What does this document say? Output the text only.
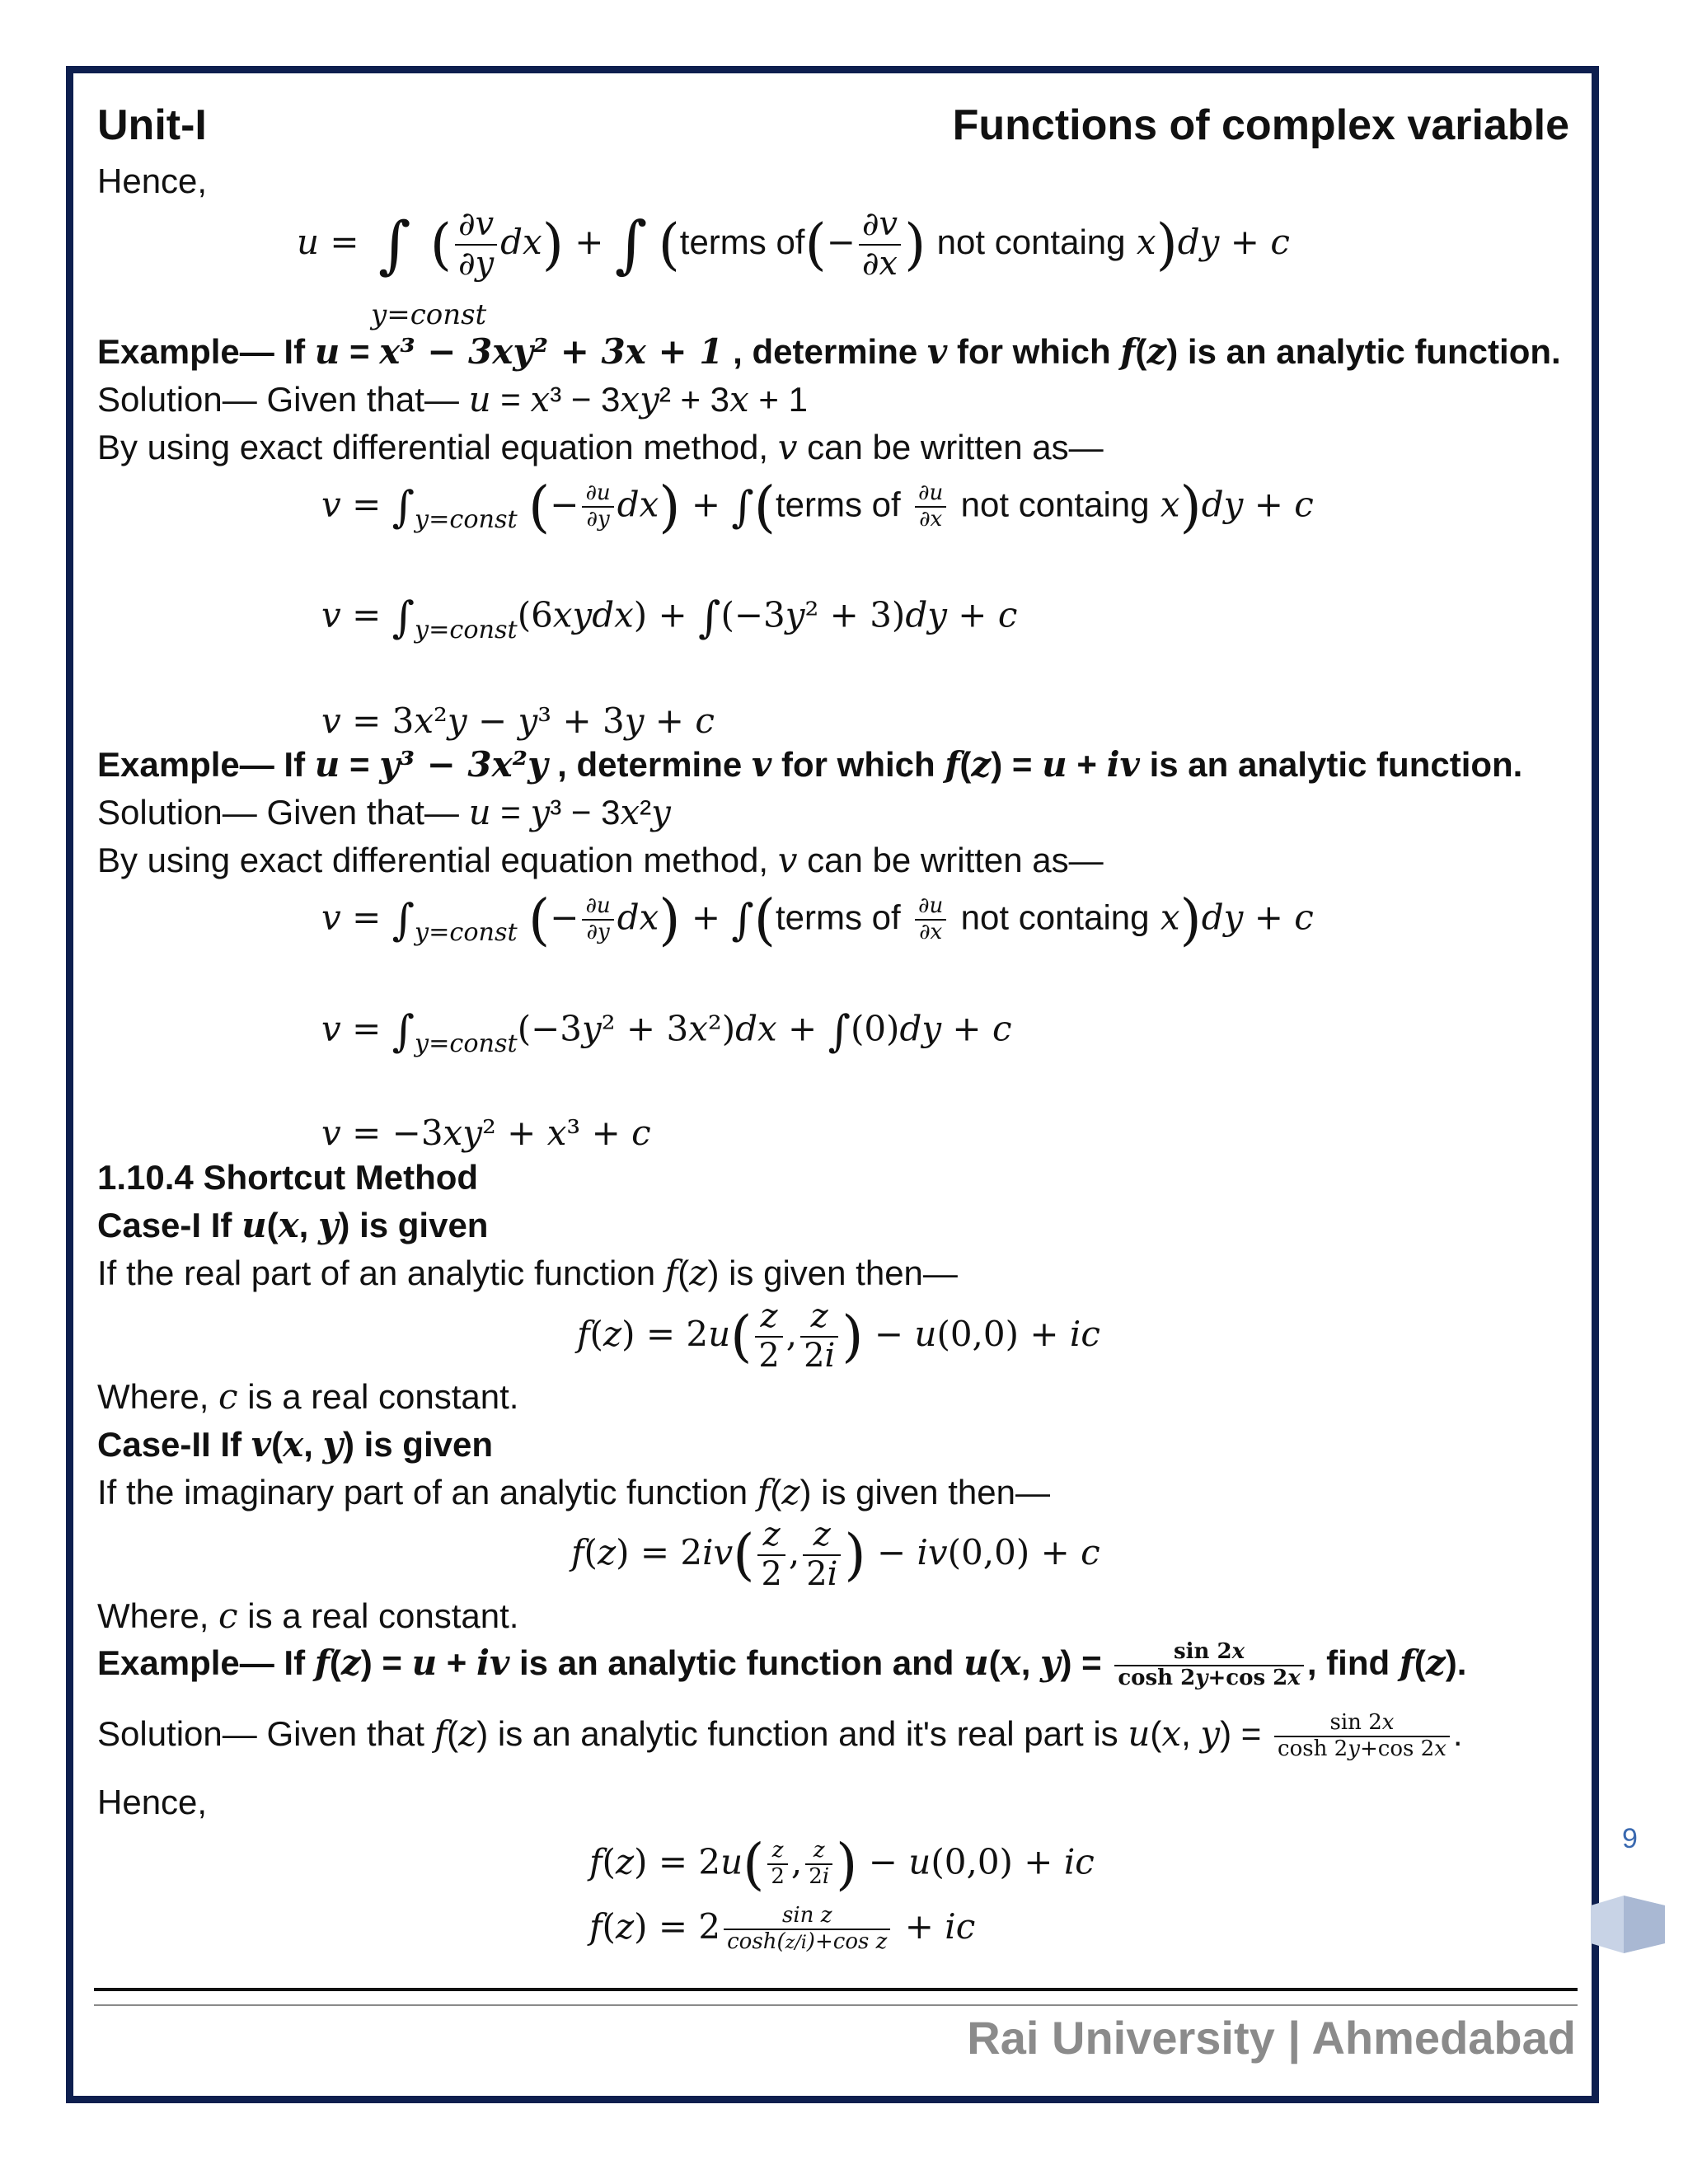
Unit-I	Functions of complex variable
Hence,
u = ∫ ( $\frac{\partial v}{\partial y} dx$) + ∫ (terms $of(- \frac{\partial v}{\partial x}$ ) not containg x)dy + c
y=const
Example— If u = x³ − 3xy² + 3x + 1 , determine v for which f(z) is an analytic function.
Solution— Given that— u = x³ − 3xy² + 3x + 1
By using exact differential equation method, v can be written as—
$v = \int_{y=const}$ (− $\frac{\partial u}{\partial y} dx$) + ∫(terms of $\frac{\partial u}{\partial x}$ not containg x)dy + c
$v = \int_{y=const}(6xydx) + \int(-3y^2 + 3)dy + c$
v = 3x²y − y³ + 3y + c
Example— If u = y³ − 3x²y , determine v for which f(z) = u + iv is an analytic function.
Solution— Given that— u = y³ − 3x²y
By using exact differential equation method, v can be written as—
$v = \int_{y=const}$ (− $\frac{\partial u}{\partial y} dx$) + ∫(terms of $\frac{\partial u}{\partial x}$ not containg x)dy + c
$v = \int_{y=const}(-3y^2 + 3x^2)dx + \int(0)dy + c$
v = −3xy² + x³ + c
1.10.4 Shortcut Method
Case-I If u(x, y) is given
If the real part of an analytic function f(z) is given then—
$f(z) = 2u( \frac{z}{2}$ , $\frac{z}{2i}$ ) − u(0,0) + ic
Where, c is a real constant.
Case-II If v(x, y) is given
If the imaginary part of an analytic function f(z) is given then—
$f(z) = 2iv( \frac{z}{2}$ , $\frac{z}{2i}$ ) − iv(0,0) + c
Where, c is a real constant.
Example— If f(z) = u + iv is an analytic function and u(x, $y) = \frac{\sin 2x}{\cosh 2y+\cos 2x}$ , find f(z).
Solution— Given that f(z) is an analytic function and it's real part is u(x, $y) = \frac{\sin 2x}{\cosh 2y+\cos 2x}$ .
Hence,
$f(z) = 2u( \frac{z}{2}$ , $\frac{z}{2i}$ ) − u(0,0) + ic
$f(z) = 2 \frac{\text{sin z}}{\text{cosh(z/i)+cos z}}$ + ic
Rai University | Ahmedabad
9
